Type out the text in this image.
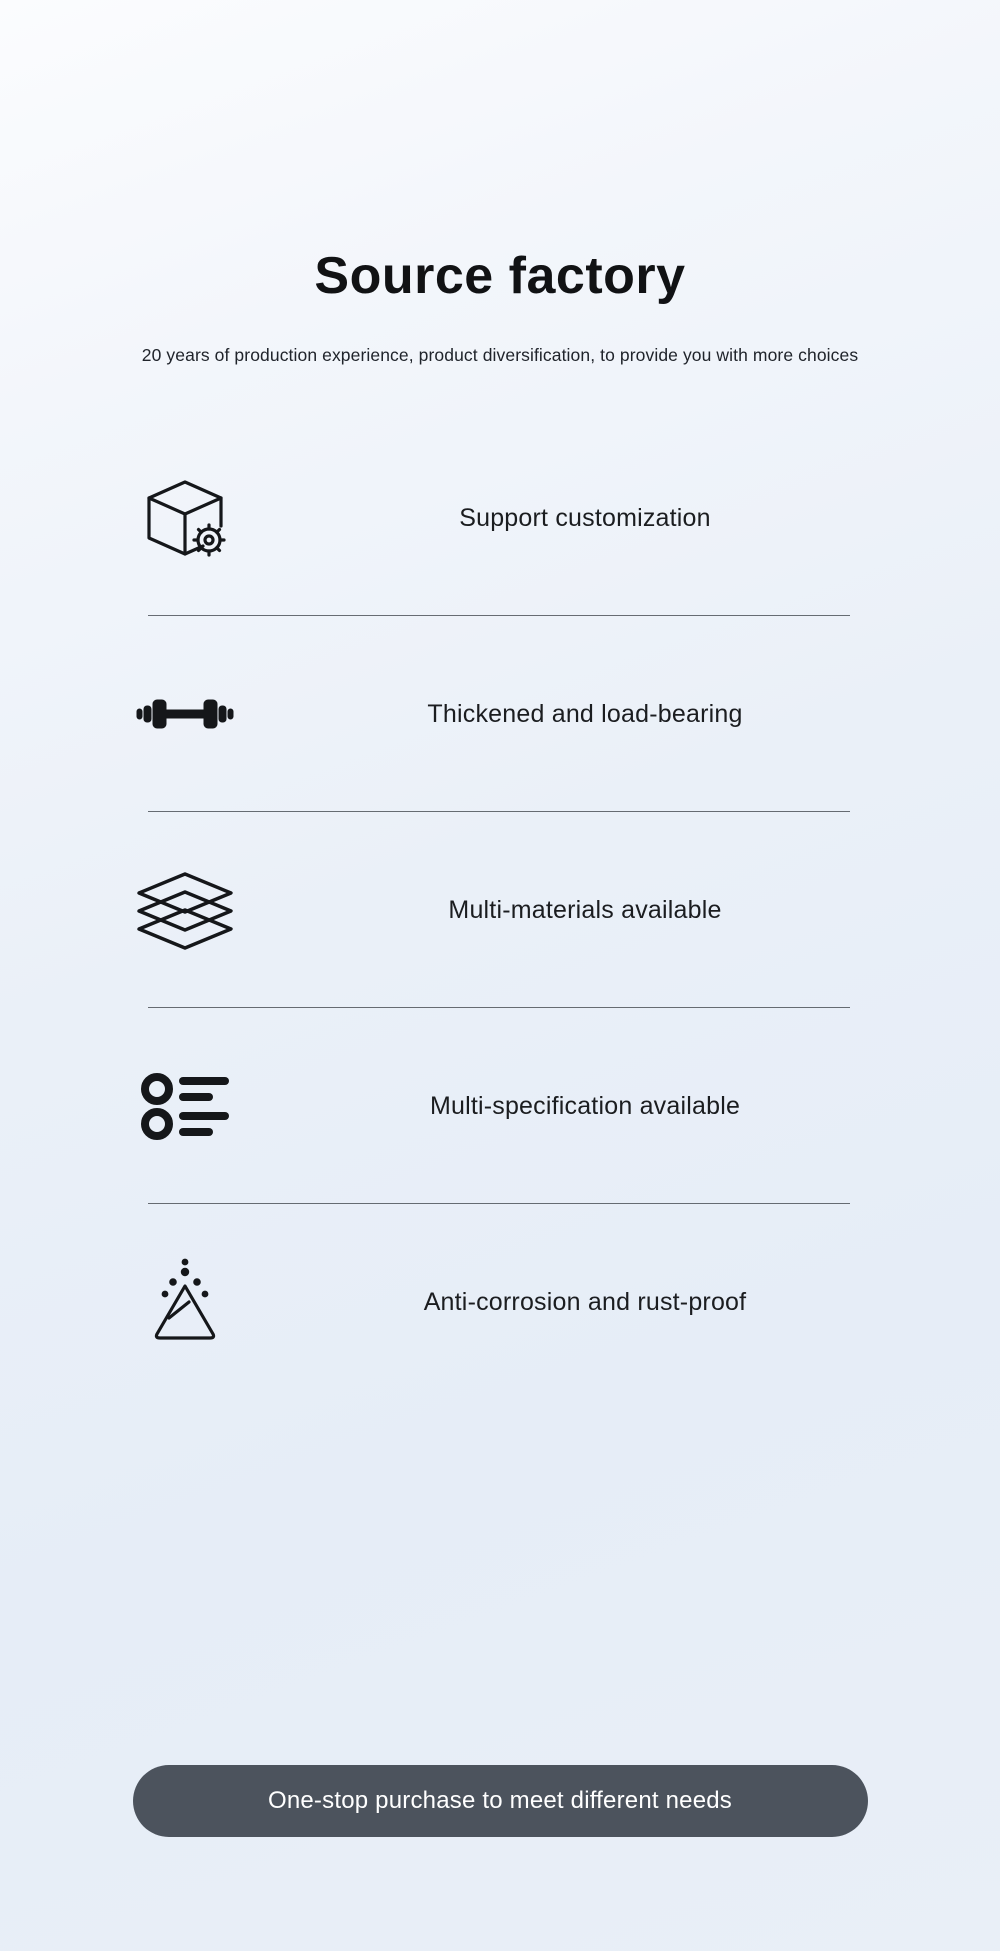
Source factory

20 years of production experience, product diversification, to provide you with more choices

Support customization
Thickened and load-bearing
Multi-materials available
Multi-specification available
Anti-corrosion and rust-proof
One-stop purchase to meet different needs
